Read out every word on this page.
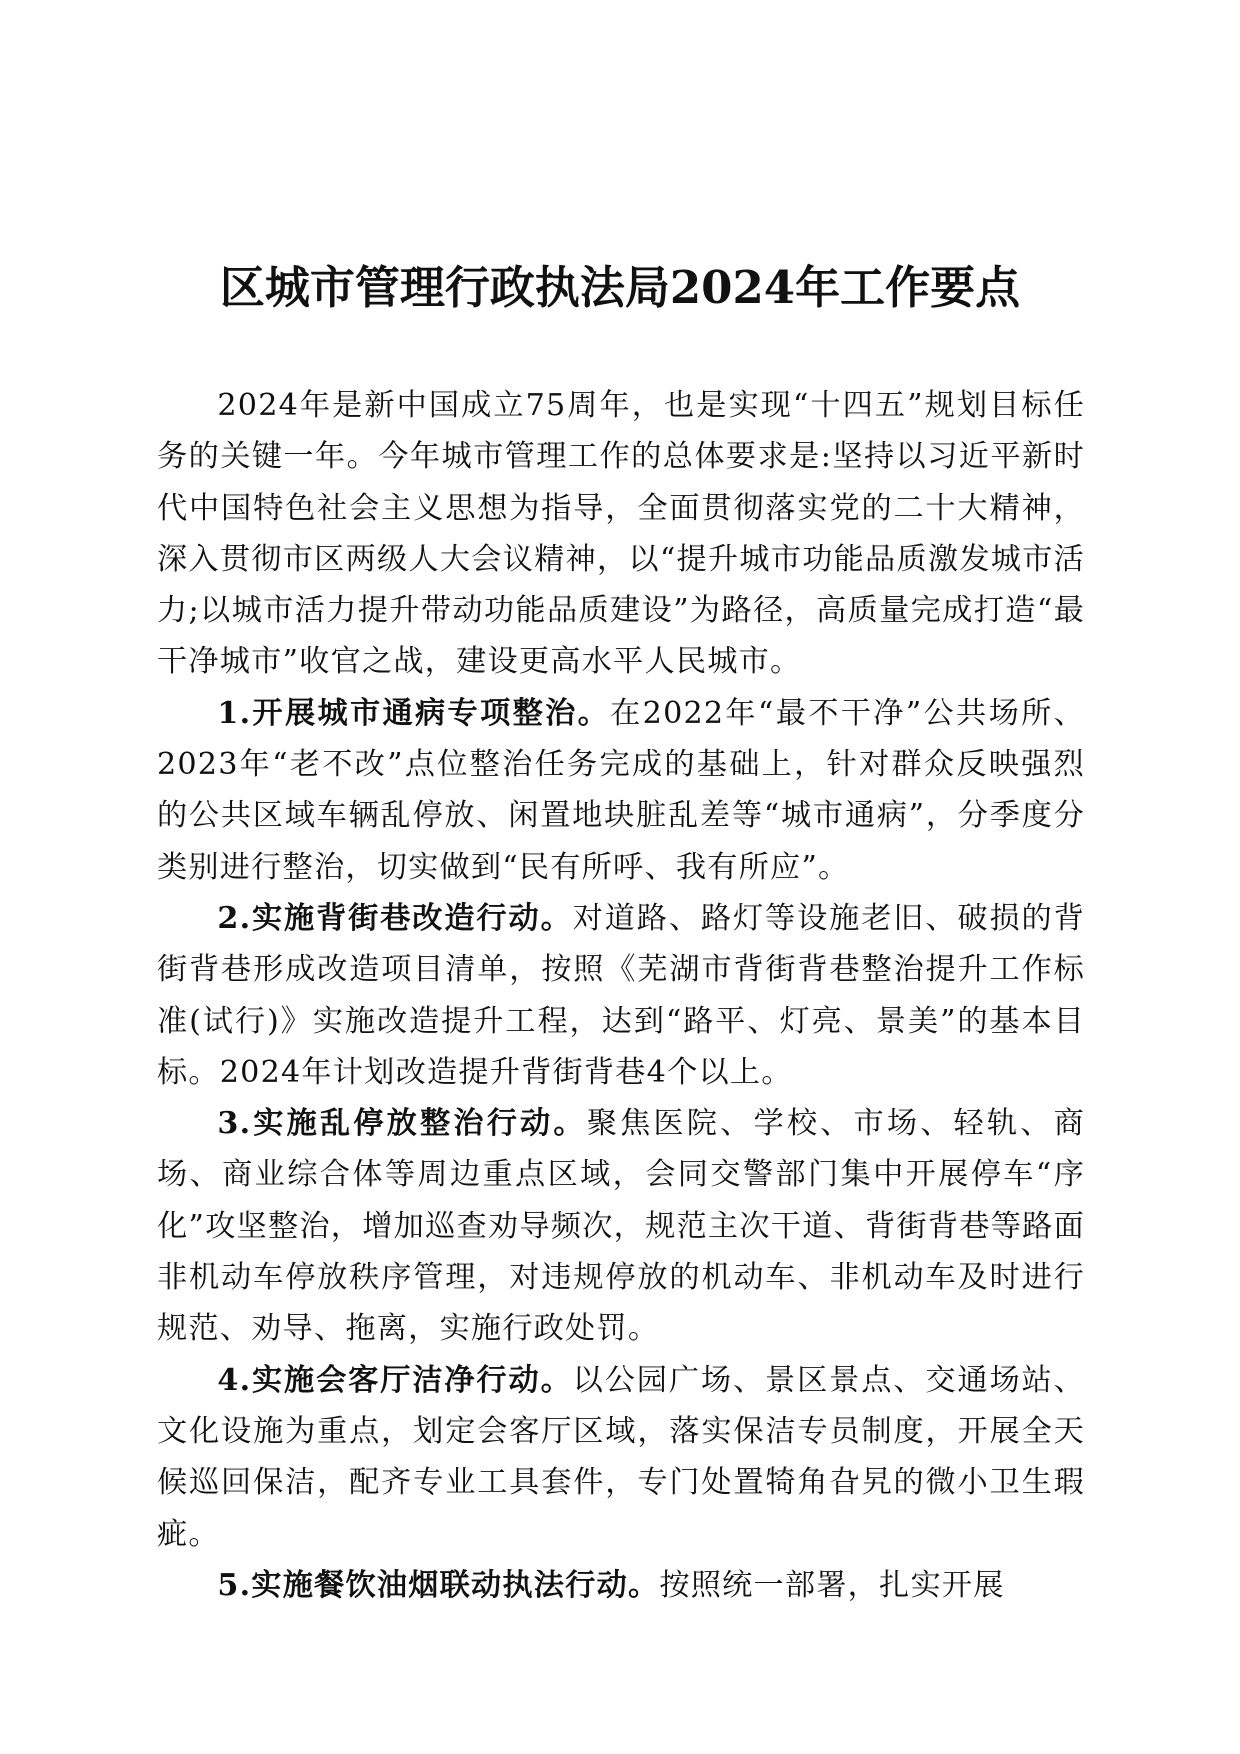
区城市管理行政执法局2024年工作要点

2024年是新中国成立75周年，也是实现“十四五”规划目标任务的关键一年。今年城市管理工作的总体要求是:坚持以习近平新时代中国特色社会主义思想为指导，全面贯彻落实党的二十大精神，深入贯彻市区两级人大会议精神，以“提升城市功能品质激发城市活力;以城市活力提升带动功能品质建设”为路径，高质量完成打造“最干净城市”收官之战，建设更高水平人民城市。

1.开展城市通病专项整治。在2022年“最不干净”公共场所、2023年“老不改”点位整治任务完成的基础上，针对群众反映强烈的公共区域车辆乱停放、闲置地块脏乱差等“城市通病”，分季度分类别进行整治，切实做到“民有所呼、我有所应”。

2.实施背街巷改造行动。对道路、路灯等设施老旧、破损的背街背巷形成改造项目清单，按照《芜湖市背街背巷整治提升工作标准(试行)》实施改造提升工程，达到“路平、灯亮、景美”的基本目标。2024年计划改造提升背街背巷4个以上。

3.实施乱停放整治行动。聚焦医院、学校、市场、轻轨、商场、商业综合体等周边重点区域，会同交警部门集中开展停车“序化”攻坚整治，增加巡查劝导频次，规范主次干道、背街背巷等路面非机动车停放秩序管理，对违规停放的机动车、非机动车及时进行规范、劝导、拖离，实施行政处罚。

4.实施会客厅洁净行动。以公园广场、景区景点、交通场站、文化设施为重点，划定会客厅区域，落实保洁专员制度，开展全天候巡回保洁，配齐专业工具套件，专门处置犄角旮旯的微小卫生瑕疵。

5.实施餐饮油烟联动执法行动。按照统一部署，扎实开展
